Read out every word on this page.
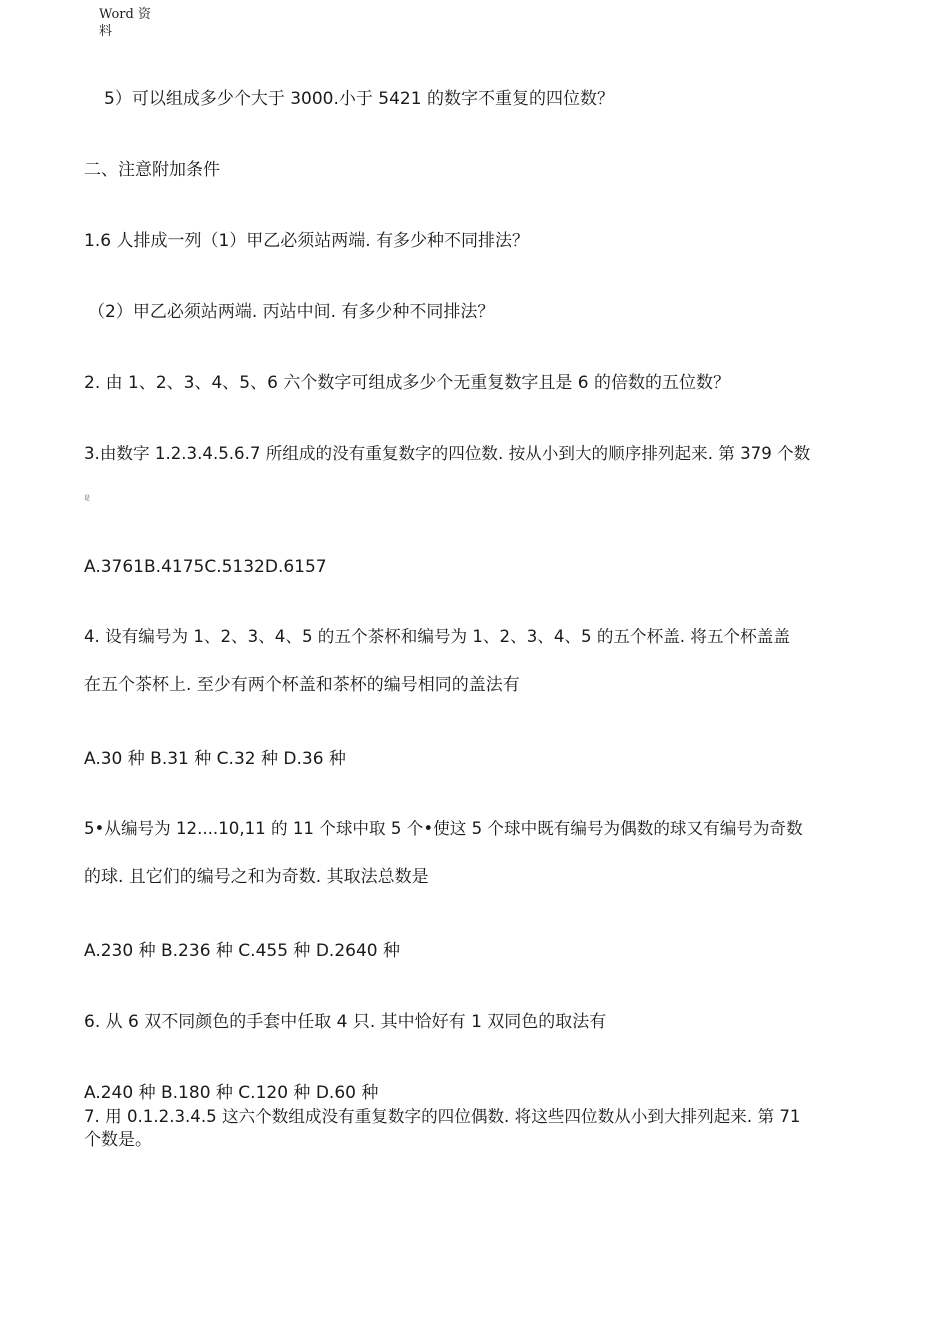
Word 资
料
5）可以组成多少个大于 3000.小于 5421 的数字不重复的四位数？
二、注意附加条件
1.6 人排成一列（1）甲乙必须站两端. 有多少种不同排法？
（2）甲乙必须站两端. 丙站中间. 有多少种不同排法？
2. 由 1、2、3、4、5、6 六个数字可组成多少个无重复数字且是 6 的倍数的五位数？
3.由数字 1.2.3.4.5.6.7 所组成的没有重复数字的四位数. 按从小到大的顺序排列起来. 第 379 个数
是
A.3761B.4175C.5132D.6157
4. 设有编号为 1、2、3、4、5 的五个茶杯和编号为 1、2、3、4、5 的五个杯盖. 将五个杯盖盖
在五个茶杯上. 至少有两个杯盖和茶杯的编号相同的盖法有
A.30 种 B.31 种 C.32 种 D.36 种
5•从编号为 12....10,11 的 11 个球中取 5 个•使这 5 个球中既有编号为偶数的球又有编号为奇数
的球. 且它们的编号之和为奇数. 其取法总数是
A.230 种 B.236 种 C.455 种 D.2640 种
6. 从 6 双不同颜色的手套中任取 4 只. 其中恰好有 1 双同色的取法有
A.240 种 B.180 种 C.120 种 D.60 种
7. 用 0.1.2.3.4.5 这六个数组成没有重复数字的四位偶数. 将这些四位数从小到大排列起来. 第 71
个数是。
